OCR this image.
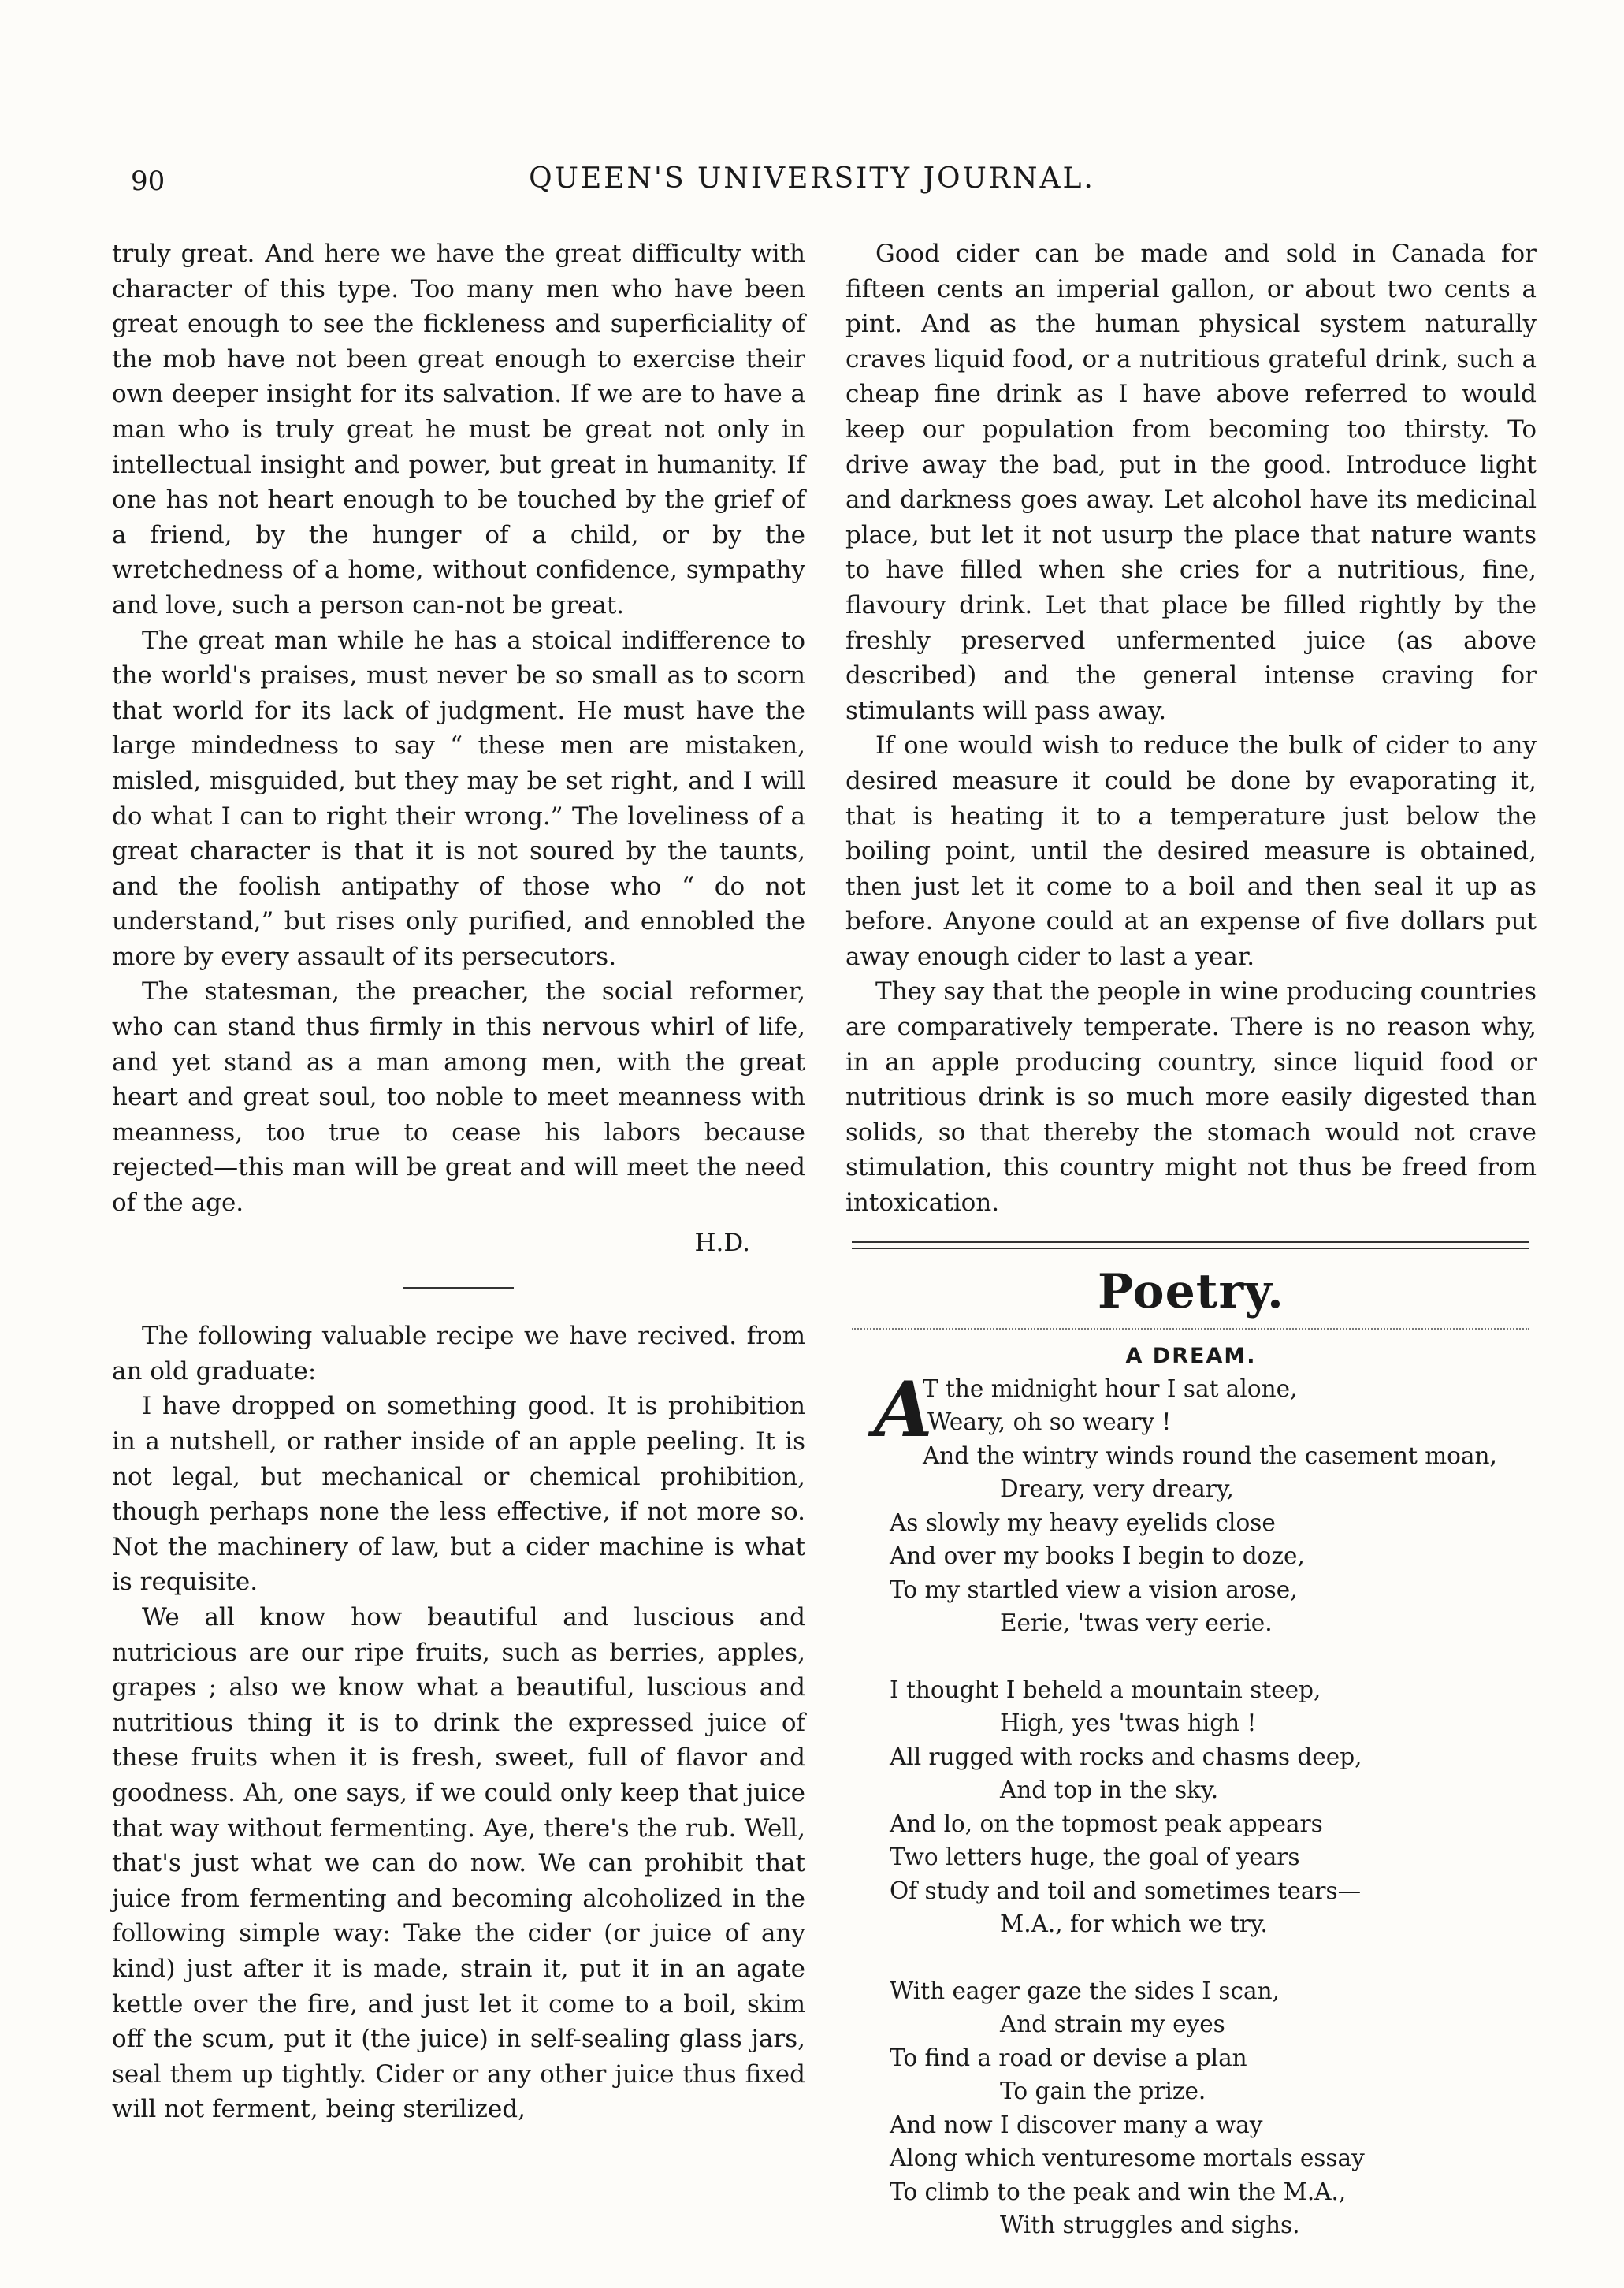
90	QUEEN'S UNIVERSITY JOURNAL.

truly great. And here we have the great difficulty with character of this type. Too many men who have been great enough to see the fickleness and superficiality of the mob have not been great enough to exercise their own deeper insight for its salvation. If we are to have a man who is truly great he must be great not only in intellectual insight and power, but great in humanity. If one has not heart enough to be touched by the grief of a friend, by the hunger of a child, or by the wretchedness of a home, without confidence, sympathy and love, such a person can-not be great.

The great man while he has a stoical indifference to the world's praises, must never be so small as to scorn that world for its lack of judgment. He must have the large mindedness to say “ these men are mistaken, misled, misguided, but they may be set right, and I will do what I can to right their wrong.” The loveliness of a great character is that it is not soured by the taunts, and the foolish antipathy of those who “ do not understand,” but rises only purified, and ennobled the more by every assault of its persecutors.

The statesman, the preacher, the social reformer, who can stand thus firmly in this nervous whirl of life, and yet stand as a man among men, with the great heart and great soul, too noble to meet meanness with meanness, too true to cease his labors because rejected—this man will be great and will meet the need of the age.

H.D.

The following valuable recipe we have recived. from an old graduate:

I have dropped on something good. It is prohibition in a nutshell, or rather inside of an apple peeling. It is not legal, but mechanical or chemical prohibition, though perhaps none the less effective, if not more so. Not the machinery of law, but a cider machine is what is requisite.

We all know how beautiful and luscious and nutricious are our ripe fruits, such as berries, apples, grapes ; also we know what a beautiful, luscious and nutritious thing it is to drink the expressed juice of these fruits when it is fresh, sweet, full of flavor and goodness. Ah, one says, if we could only keep that juice that way without fermenting. Aye, there's the rub. Well, that's just what we can do now. We can prohibit that juice from fermenting and becoming alcoholized in the following simple way: Take the cider (or juice of any kind) just after it is made, strain it, put it in an agate kettle over the fire, and just let it come to a boil, skim off the scum, put it (the juice) in self-sealing glass jars, seal them up tightly. Cider or any other juice thus fixed will not ferment, being sterilized,

Good cider can be made and sold in Canada for fifteen cents an imperial gallon, or about two cents a pint. And as the human physical system naturally craves liquid food, or a nutritious grateful drink, such a cheap fine drink as I have above referred to would keep our population from becoming too thirsty. To drive away the bad, put in the good. Introduce light and darkness goes away. Let alcohol have its medicinal place, but let it not usurp the place that nature wants to have filled when she cries for a nutritious, fine, flavoury drink. Let that place be filled rightly by the freshly preserved unfermented juice (as above described) and the general intense craving for stimulants will pass away.

If one would wish to reduce the bulk of cider to any desired measure it could be done by evaporating it, that is heating it to a temperature just below the boiling point, until the desired measure is obtained, then just let it come to a boil and then seal it up as before. Anyone could at an expense of five dollars put away enough cider to last a year.

They say that the people in wine producing countries are comparatively temperate. There is no reason why, in an apple producing country, since liquid food or nutritious drink is so much more easily digested than solids, so that thereby the stomach would not crave stimulation, this country might not thus be freed from intoxication.

Poetry.
A DREAM.
A
T the midnight hour I sat alone,
Weary, oh so weary !
And the wintry winds round the casement moan,
Dreary, very dreary,
As slowly my heavy eyelids close
And over my books I begin to doze,
To my startled view a vision arose,
Eerie, 'twas very eerie.
I thought I beheld a mountain steep,
High, yes 'twas high !
All rugged with rocks and chasms deep,
And top in the sky.
And lo, on the topmost peak appears
Two letters huge, the goal of years
Of study and toil and sometimes tears—
M.A., for which we try.
With eager gaze the sides I scan,
And strain my eyes
To find a road or devise a plan
To gain the prize.
And now I discover many a way
Along which venturesome mortals essay
To climb to the peak and win the M.A.,
With struggles and sighs.
